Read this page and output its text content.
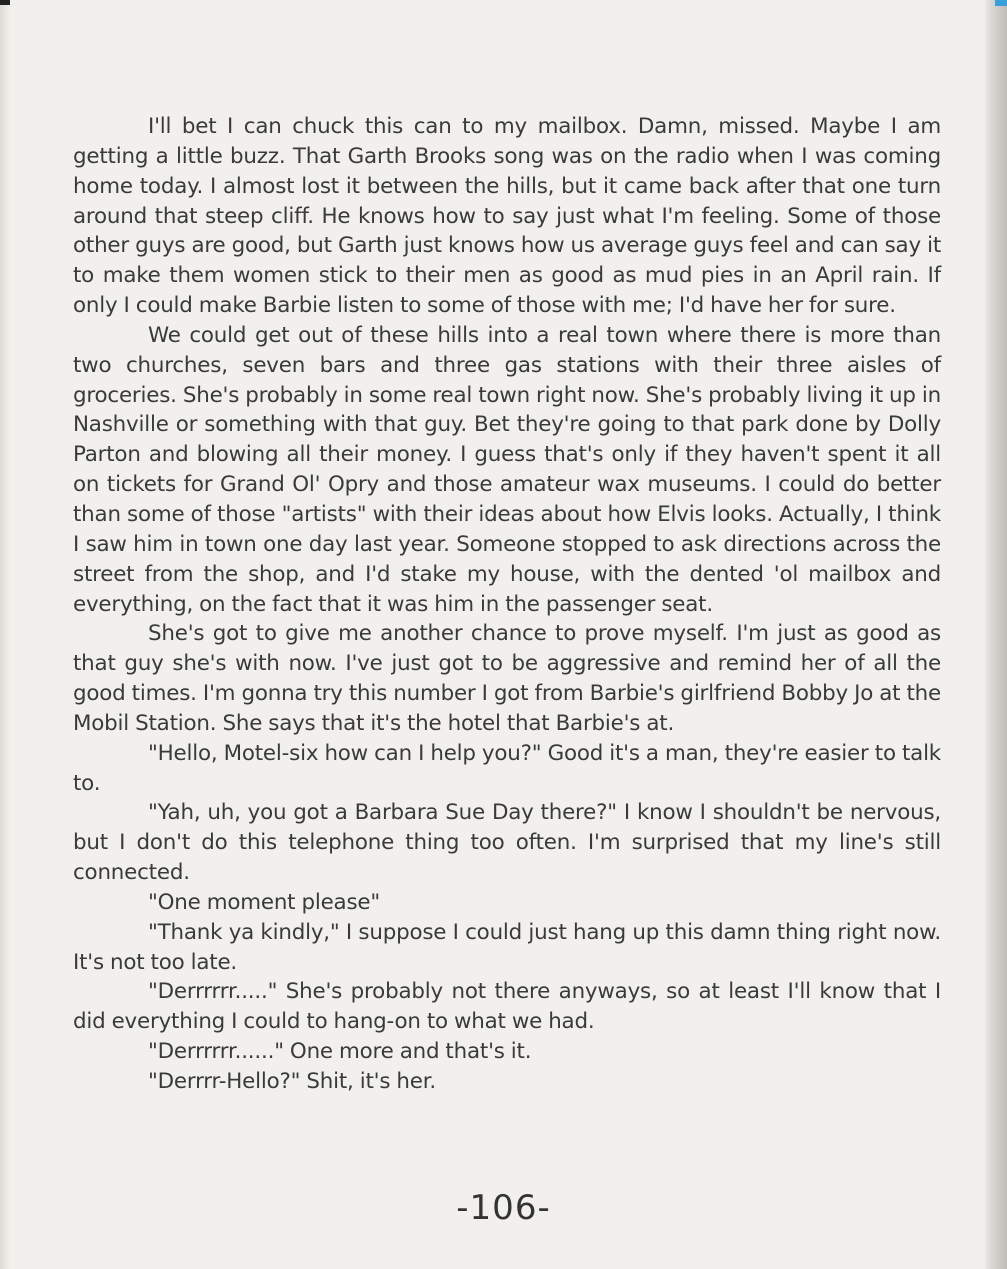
I'll bet I can chuck this can to my mailbox. Damn, missed. Maybe I am getting a little buzz. That Garth Brooks song was on the radio when I was coming home today. I almost lost it between the hills, but it came back after that one turn around that steep cliff. He knows how to say just what I'm feeling. Some of those other guys are good, but Garth just knows how us average guys feel and can say it to make them women stick to their men as good as mud pies in an April rain. If only I could make Barbie listen to some of those with me; I'd have her for sure.

We could get out of these hills into a real town where there is more than two churches, seven bars and three gas stations with their three aisles of groceries. She's probably in some real town right now. She's probably living it up in Nashville or something with that guy. Bet they're going to that park done by Dolly Parton and blowing all their money. I guess that's only if they haven't spent it all on tickets for Grand Ol' Opry and those amateur wax museums. I could do better than some of those "artists" with their ideas about how Elvis looks. Actually, I think I saw him in town one day last year. Someone stopped to ask directions across the street from the shop, and I'd stake my house, with the dented 'ol mailbox and everything, on the fact that it was him in the passenger seat.

She's got to give me another chance to prove myself. I'm just as good as that guy she's with now. I've just got to be aggressive and remind her of all the good times. I'm gonna try this number I got from Barbie's girlfriend Bobby Jo at the Mobil Station. She says that it's the hotel that Barbie's at.

"Hello, Motel-six how can I help you?" Good it's a man, they're easier to talk to.

"Yah, uh, you got a Barbara Sue Day there?" I know I shouldn't be nervous, but I don't do this telephone thing too often. I'm surprised that my line's still connected.

"One moment please"

"Thank ya kindly," I suppose I could just hang up this damn thing right now. It's not too late.

"Derrrrrr....." She's probably not there anyways, so at least I'll know that I did everything I could to hang-on to what we had.

"Derrrrrr......" One more and that's it.

"Derrrr-Hello?" Shit, it's her.

-106-
